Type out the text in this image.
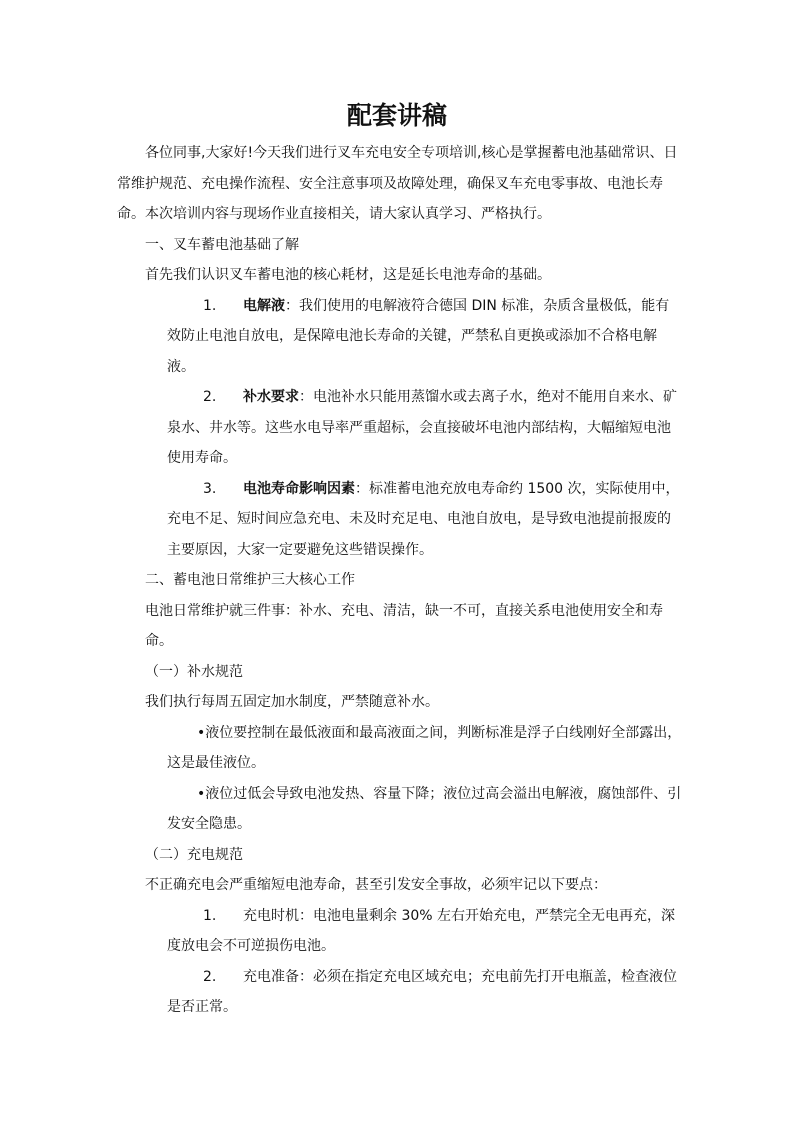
配套讲稿

各位同事,大家好!今天我们进行叉车充电安全专项培训,核心是掌握蓄电池基础常识、日常维护规范、充电操作流程、安全注意事项及故障处理，确保叉车充电零事故、电池长寿命。本次培训内容与现场作业直接相关，请大家认真学习、严格执行。

一、叉车蓄电池基础了解

首先我们认识叉车蓄电池的核心耗材，这是延长电池寿命的基础。

1. 电解液：我们使用的电解液符合德国 DIN 标准，杂质含量极低，能有效防止电池自放电，是保障电池长寿命的关键，严禁私自更换或添加不合格电解液。

2. 补水要求：电池补水只能用蒸馏水或去离子水，绝对不能用自来水、矿泉水、井水等。这些水电导率严重超标，会直接破坏电池内部结构，大幅缩短电池使用寿命。

3. 电池寿命影响因素：标准蓄电池充放电寿命约 1500 次，实际使用中，充电不足、短时间应急充电、未及时充足电、电池自放电，是导致电池提前报废的主要原因，大家一定要避免这些错误操作。

二、蓄电池日常维护三大核心工作

电池日常维护就三件事：补水、充电、清洁，缺一不可，直接关系电池使用安全和寿命。

（一）补水规范

我们执行每周五固定加水制度，严禁随意补水。

•液位要控制在最低液面和最高液面之间，判断标准是浮子白线刚好全部露出，这是最佳液位。

•液位过低会导致电池发热、容量下降；液位过高会溢出电解液，腐蚀部件、引发安全隐患。

（二）充电规范

不正确充电会严重缩短电池寿命，甚至引发安全事故，必须牢记以下要点：

1. 充电时机：电池电量剩余 30% 左右开始充电，严禁完全无电再充，深度放电会不可逆损伤电池。

2. 充电准备：必须在指定充电区域充电；充电前先打开电瓶盖，检查液位是否正常。
